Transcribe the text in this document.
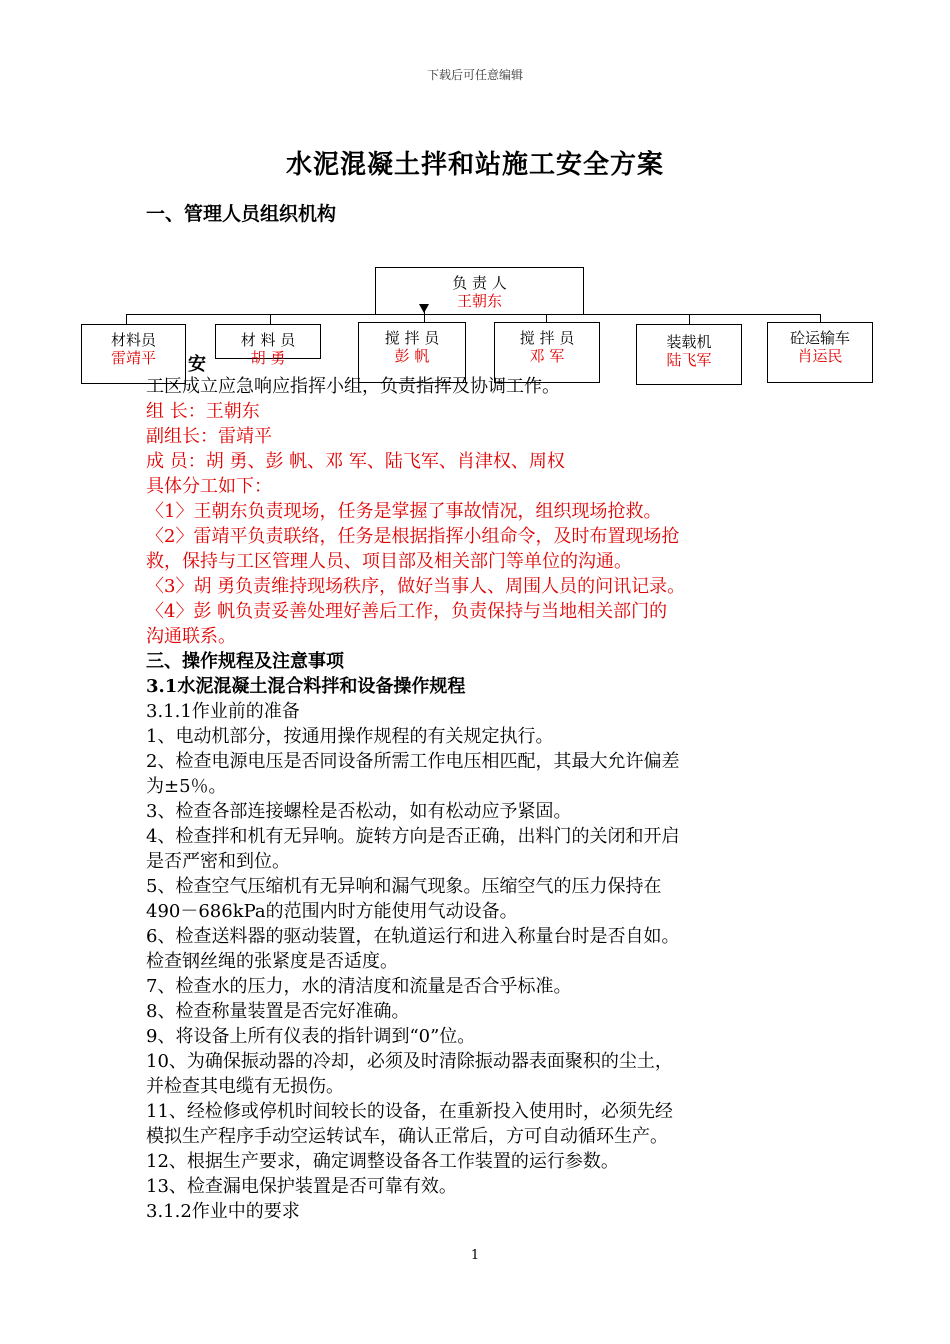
下载后可任意编辑
水泥混凝土拌和站施工安全方案
一、管理人员组织机构
负 责 人
王朝东
材料员
雷靖平
材 料 员
胡 勇
搅 拌 员
彭 帆
搅 拌 员
邓 军
装载机
陆飞军
砼运输车
肖运民
安
工区成立应急响应指挥小组，负责指挥及协调工作。
组 长：王朝东
副组长：雷靖平
成 员：胡 勇、彭 帆、邓 军、陆飞军、肖津权、周权
具体分工如下：
〈1〉王朝东负责现场，任务是掌握了事故情况，组织现场抢救。
〈2〉雷靖平负责联络，任务是根据指挥小组命令，及时布置现场抢
救，保持与工区管理人员、项目部及相关部门等单位的沟通。
〈3〉胡 勇负责维持现场秩序，做好当事人、周围人员的问讯记录。
〈4〉彭 帆负责妥善处理好善后工作，负责保持与当地相关部门的
沟通联系。
三、操作规程及注意事项
3.1水泥混凝土混合料拌和设备操作规程
3.1.1作业前的准备
1、电动机部分，按通用操作规程的有关规定执行。
2、检查电源电压是否同设备所需工作电压相匹配，其最大允许偏差
为±5％。
3、检查各部连接螺栓是否松动，如有松动应予紧固。
4、检查拌和机有无异响。旋转方向是否正确，出料门的关闭和开启
是否严密和到位。
5、检查空气压缩机有无异响和漏气现象。压缩空气的压力保持在
490－686kPa的范围内时方能使用气动设备。
6、检查送料器的驱动装置，在轨道运行和进入称量台时是否自如。
检查钢丝绳的张紧度是否适度。
7、检查水的压力，水的清洁度和流量是否合乎标准。
8、检查称量装置是否完好准确。
9、将设备上所有仪表的指针调到“0”位。
10、为确保振动器的冷却，必须及时清除振动器表面聚积的尘土，
并检查其电缆有无损伤。
11、经检修或停机时间较长的设备，在重新投入使用时，必须先经
模拟生产程序手动空运转试车，确认正常后，方可自动循环生产。
12、根据生产要求，确定调整设备各工作装置的运行参数。
13、检查漏电保护装置是否可靠有效。
3.1.2作业中的要求
1
